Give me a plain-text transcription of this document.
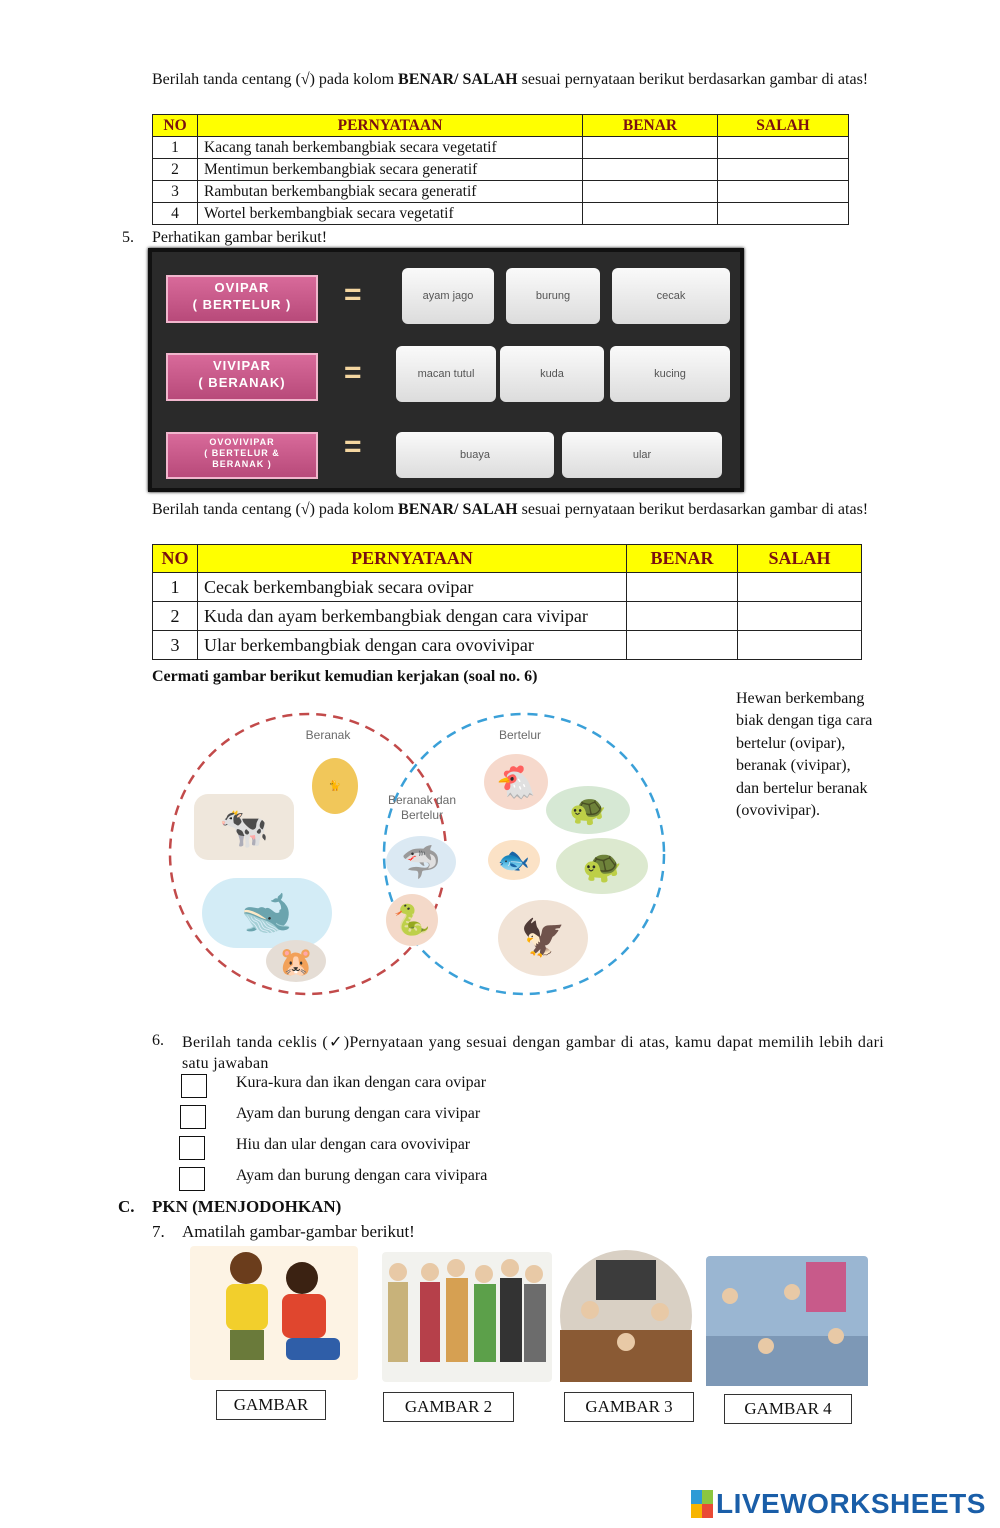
Berilah tanda centang (√) pada kolom BENAR/ SALAH sesuai pernyataan berikut berdasarkan gambar di atas!
NO	PERNYATAAN	BENAR	SALAH
1	Kacang tanah berkembangbiak secara vegetatif		
2	Mentimun berkembangbiak secara generatif		
3	Rambutan berkembangbiak secara generatif		
4	Wortel berkembangbiak secara vegetatif		
5. Perhatikan gambar berikut!
OVIPAR
( BERTELUR )	=	ayam jago	burung	cecak
VIVIPAR
( BERANAK)	=	macan tutul	kuda	kucing
OVOVIVIPAR
( BERTELUR & BERANAK )
=	buaya	ular
Berilah tanda centang (√) pada kolom BENAR/ SALAH sesuai pernyataan berikut berdasarkan gambar di atas!
NO	PERNYATAAN	BENAR	SALAH
1	Cecak berkembangbiak secara ovipar		
2	Kuda dan ayam berkembangbiak dengan cara vivipar		
3	Ular berkembangbiak dengan cara ovovivipar		
Cermati gambar berikut kemudian kerjakan (soal no. 6)
Beranak	Bertelur
Beranak dan
Bertelur
🐈
🐄
🐋
🐹
🦈
🐍
🐔
🐢
🐟	🐢
🦅
Hewan berkembang biak dengan tiga cara bertelur (ovipar), beranak (vivipar), dan bertelur beranak (ovovivipar).
6. Berilah tanda ceklis (✓)Pernyataan yang sesuai dengan gambar di atas, kamu dapat memilih lebih dari satu jawaban
Kura-kura dan ikan dengan cara ovipar
Ayam dan burung dengan cara vivipar
Hiu dan ular dengan cara ovovivipar
Ayam dan burung dengan cara vivipara
C. PKN (MENJODOHKAN)
7. Amatilah gambar-gambar berikut!
GAMBAR	GAMBAR 2	GAMBAR 3	GAMBAR 4
LIVEWORKSHEETS
